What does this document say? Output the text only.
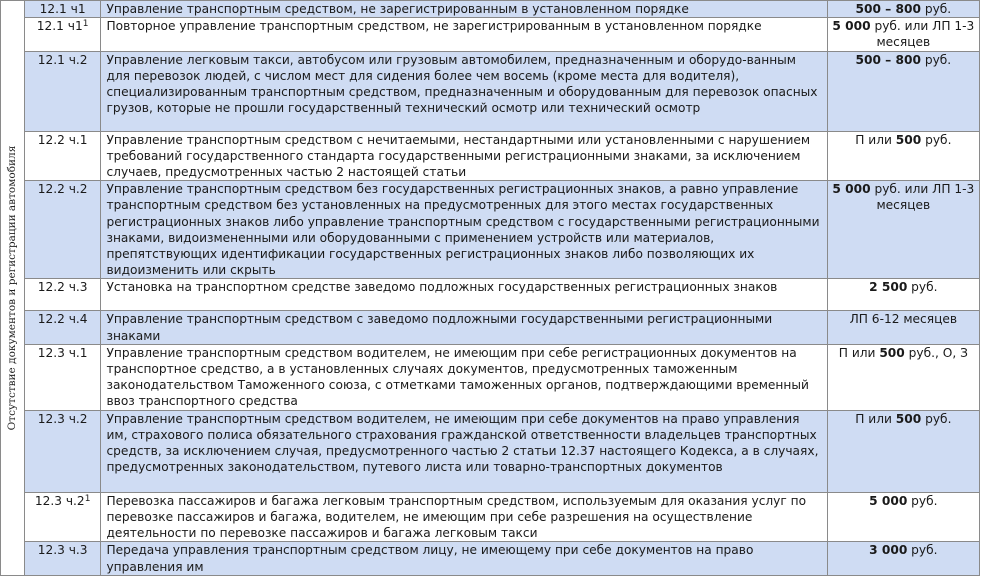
Отсутствие документов и регистрации автомобиля	12.1 ч1	Управление транспортным средством, не зарегистрированным в установленном порядке	500 – 800 руб.
	12.1 $ч1^1$	Повторное управление транспортным средством, не зарегистрированным в установленном порядке	5 000 руб. или ЛП 1-3 месяцев
	12.1 ч.2	Управление легковым такси, автобусом или грузовым автомобилем, предназначенным и оборудо-ванным для перевозок людей, с числом мест для сидения более чем восемь (кроме места для водителя), специализированным транспортным средством, предназначенным и оборудованным для перевозок опасных грузов, которые не прошли государственный технический осмотр или технический осмотр	500 – 800 руб.
	12.2 ч.1	Управление транспортным средством с нечитаемыми, нестандартными или установленными с нарушением требований государственного стандарта государственными регистрационными знаками, за исключением случаев, предусмотренных частью 2 настоящей статьи	П или 500 руб.
	12.2 ч.2	Управление транспортным средством без государственных регистрационных знаков, а равно управление транспортным средством без установленных на предусмотренных для этого местах государственных регистрационных знаков либо управление транспортным средством с государственными регистрационными знаками, видоизмененными или оборудованными с применением устройств или материалов, препятствующих идентификации государственных регистрационных знаков либо позволяющих их видоизменить или скрыть	5 000 руб. или ЛП 1-3 месяцев
	12.2 ч.3	Установка на транспортном средстве заведомо подложных государственных регистрационных знаков	2 500 руб.
	12.2 ч.4	Управление транспортным средством с заведомо подложными государственными регистрационными знаками	ЛП 6-12 месяцев
	12.3 ч.1	Управление транспортным средством водителем, не имеющим при себе регистрационных документов на транспортное средство, а в установленных случаях документов, предусмотренных таможенным законодательством Таможенного союза, с отметками таможенных органов, подтверждающими временный ввоз транспортного средства	П или 500 руб., О, З
	12.3 ч.2	Управление транспортным средством водителем, не имеющим при себе документов на право управления им, страхового полиса обязательного страхования гражданской ответственности владельцев транспортных средств, за исключением случая, предусмотренного частью 2 статьи 12.37 настоящего Кодекса, а в случаях, предусмотренных законодательством, путевого листа или товарно-транспортных документов	П или 500 руб.
	12.3 $ч.2^1$	Перевозка пассажиров и багажа легковым транспортным средством, используемым для оказания услуг по перевозке пассажиров и багажа, водителем, не имеющим при себе разрешения на осуществление деятельности по перевозке пассажиров и багажа легковым такси	5 000 руб.
	12.3 ч.3	Передача управления транспортным средством лицу, не имеющему при себе документов на право управления им	3 000 руб.
